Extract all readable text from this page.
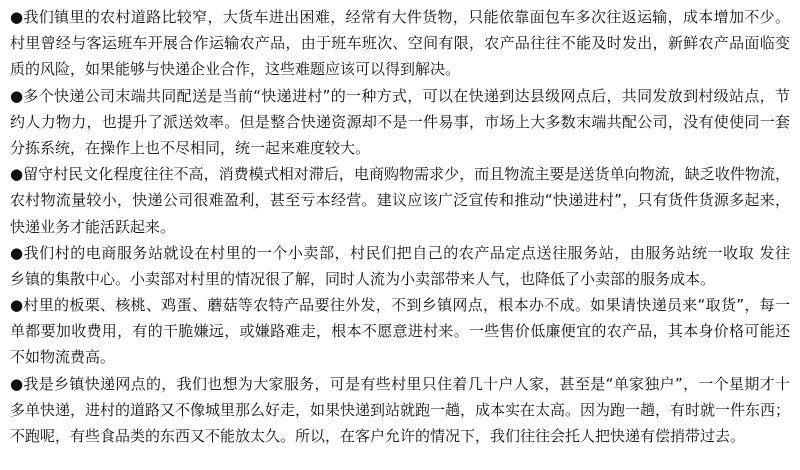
●我们镇里的农村道路比较窄，大货车进出困难，经常有大件货物，只能依靠面包车多次往返运输，成本增加不少。
村里曾经与客运班车开展合作运输农产品，由于班车班次、空间有限，农产品往往不能及时发出，新鲜农产品面临变
质的风险，如果能够与快递企业合作，这些难题应该可以得到解决。
●多个快递公司末端共同配送是当前“快递进村”的一种方式，可以在快递到达县级网点后，共同发放到村级站点，节
约人力物力，也提升了派送效率。但是整合快递资源却不是一件易事，市场上大多数末端共配公司，没有使使同一套
分拣系统，在操作上也不尽相同，统一起来难度较大。
●留守村民文化程度往往不高，消费模式相对滞后，电商购物需求少，而且物流主要是送货单向物流，缺乏收件物流，
农村物流量较小，快递公司很难盈利，甚至亏本经营。建议应该广泛宣传和推动“快递进村”，只有货件货源多起来，
快递业务才能活跃起来。
●我们村的电商服务站就设在村里的一个小卖部，村民们把自己的农产品定点送往服务站，由服务站统一收取 发往
乡镇的集散中心。小卖部对村里的情况很了解，同时人流为小卖部带来人气，也降低了小卖部的服务成本。
●村里的板栗、核桃、鸡蛋、蘑菇等农特产品要往外发，不到乡镇网点，根本办不成。如果请快递员来“取货”，每一
单都要加收费用，有的干脆嫌远，或嫌路难走，根本不愿意进村来。一些售价低廉便宜的农产品，其本身价格可能还
不如物流费高。
●我是乡镇快递网点的，我们也想为大家服务，可是有些村里只住着几十户人家，甚至是“单家独户”，一个星期才十
多单快递，进村的道路又不像城里那么好走，如果快递到站就跑一趟，成本实在太高。因为跑一趟，有时就一件东西；
不跑呢，有些食品类的东西又不能放太久。所以，在客户允许的情况下，我们往往会托人把快递有偿捎带过去。
